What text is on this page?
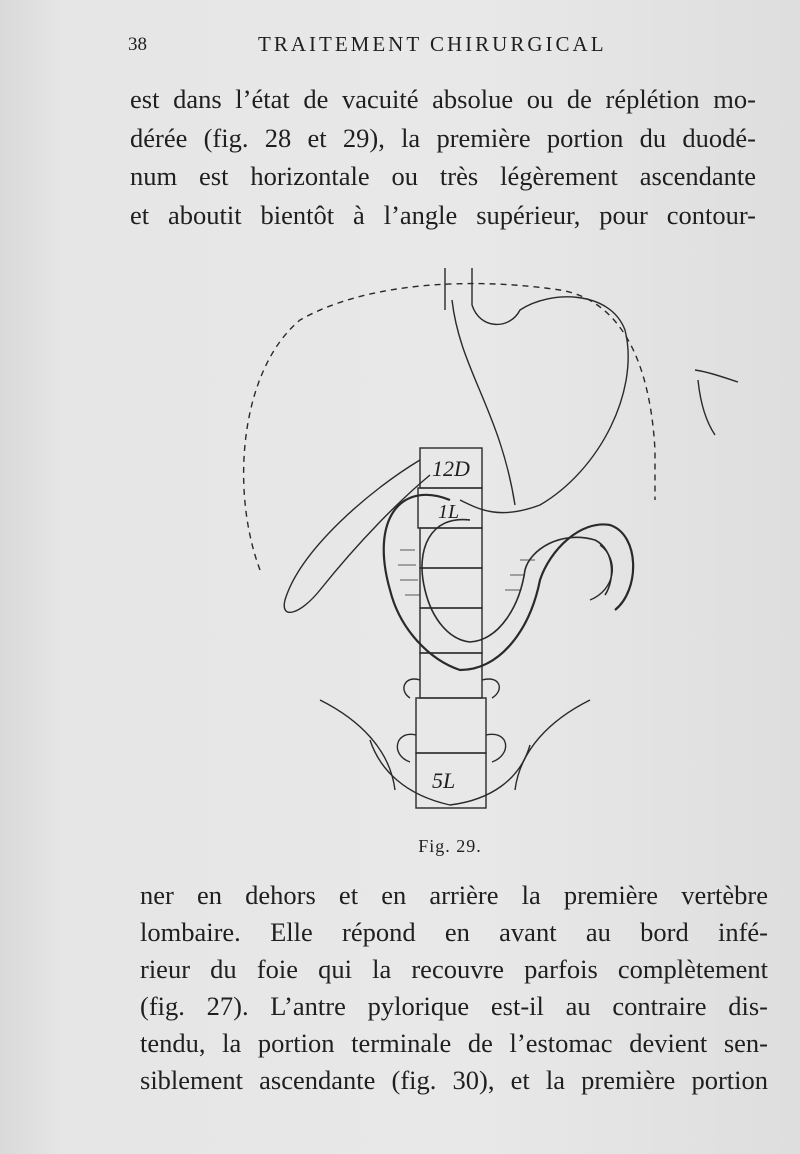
38	TRAITEMENT CHIRURGICAL
est dans l’état de vacuité absolue ou de réplétion mo-
dérée (fig. 28 et 29), la première portion du duodé-
num est horizontale ou très légèrement ascendante
et aboutit bientôt à l’angle supérieur, pour contour-
12D
1L
5L
Fig. 29.
ner en dehors et en arrière la première vertèbre
lombaire. Elle répond en avant au bord infé-
rieur du foie qui la recouvre parfois complètement
(fig. 27). L’antre pylorique est-il au contraire dis-
tendu, la portion terminale de l’estomac devient sen-
siblement ascendante (fig. 30), et la première portion
